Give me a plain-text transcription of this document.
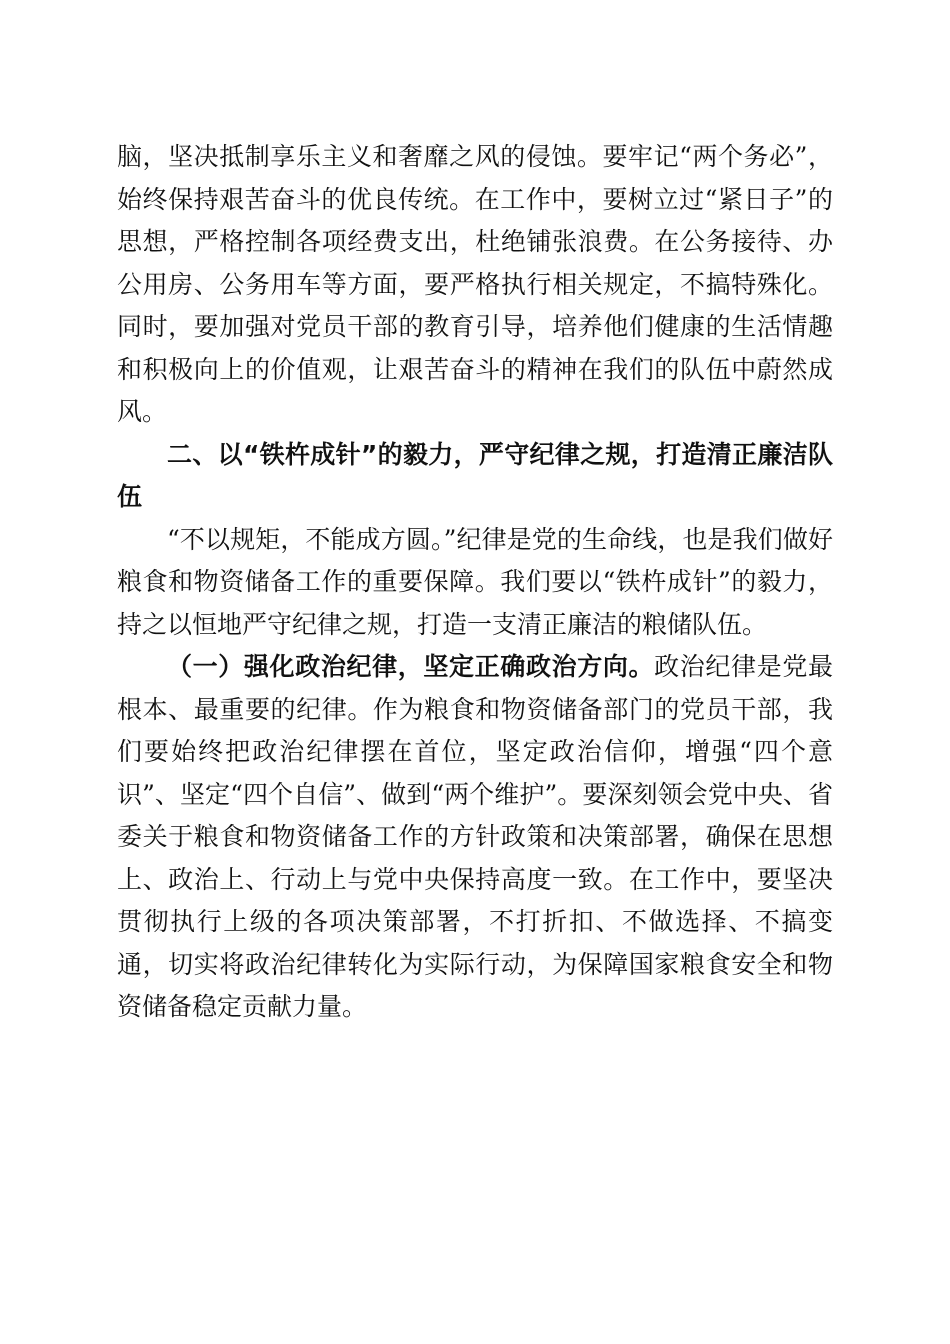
脑，坚决抵制享乐主义和奢靡之风的侵蚀。要牢记“两个务必”，始终保持艰苦奋斗的优良传统。在工作中，要树立过“紧日子”的思想，严格控制各项经费支出，杜绝铺张浪费。在公务接待、办公用房、公务用车等方面，要严格执行相关规定，不搞特殊化。同时，要加强对党员干部的教育引导，培养他们健康的生活情趣和积极向上的价值观，让艰苦奋斗的精神在我们的队伍中蔚然成风。

二、以“铁杵成针”的毅力，严守纪律之规，打造清正廉洁队伍

“不以规矩，不能成方圆。”纪律是党的生命线，也是我们做好粮食和物资储备工作的重要保障。我们要以“铁杵成针”的毅力，持之以恒地严守纪律之规，打造一支清正廉洁的粮储队伍。

（一）强化政治纪律，坚定正确政治方向。政治纪律是党最根本、最重要的纪律。作为粮食和物资储备部门的党员干部，我们要始终把政治纪律摆在首位，坚定政治信仰，增强“四个意识”、坚定“四个自信”、做到“两个维护”。要深刻领会党中央、省委关于粮食和物资储备工作的方针政策和决策部署，确保在思想上、政治上、行动上与党中央保持高度一致。在工作中，要坚决贯彻执行上级的各项决策部署，不打折扣、不做选择、不搞变通，切实将政治纪律转化为实际行动，为保障国家粮食安全和物资储备稳定贡献力量。
